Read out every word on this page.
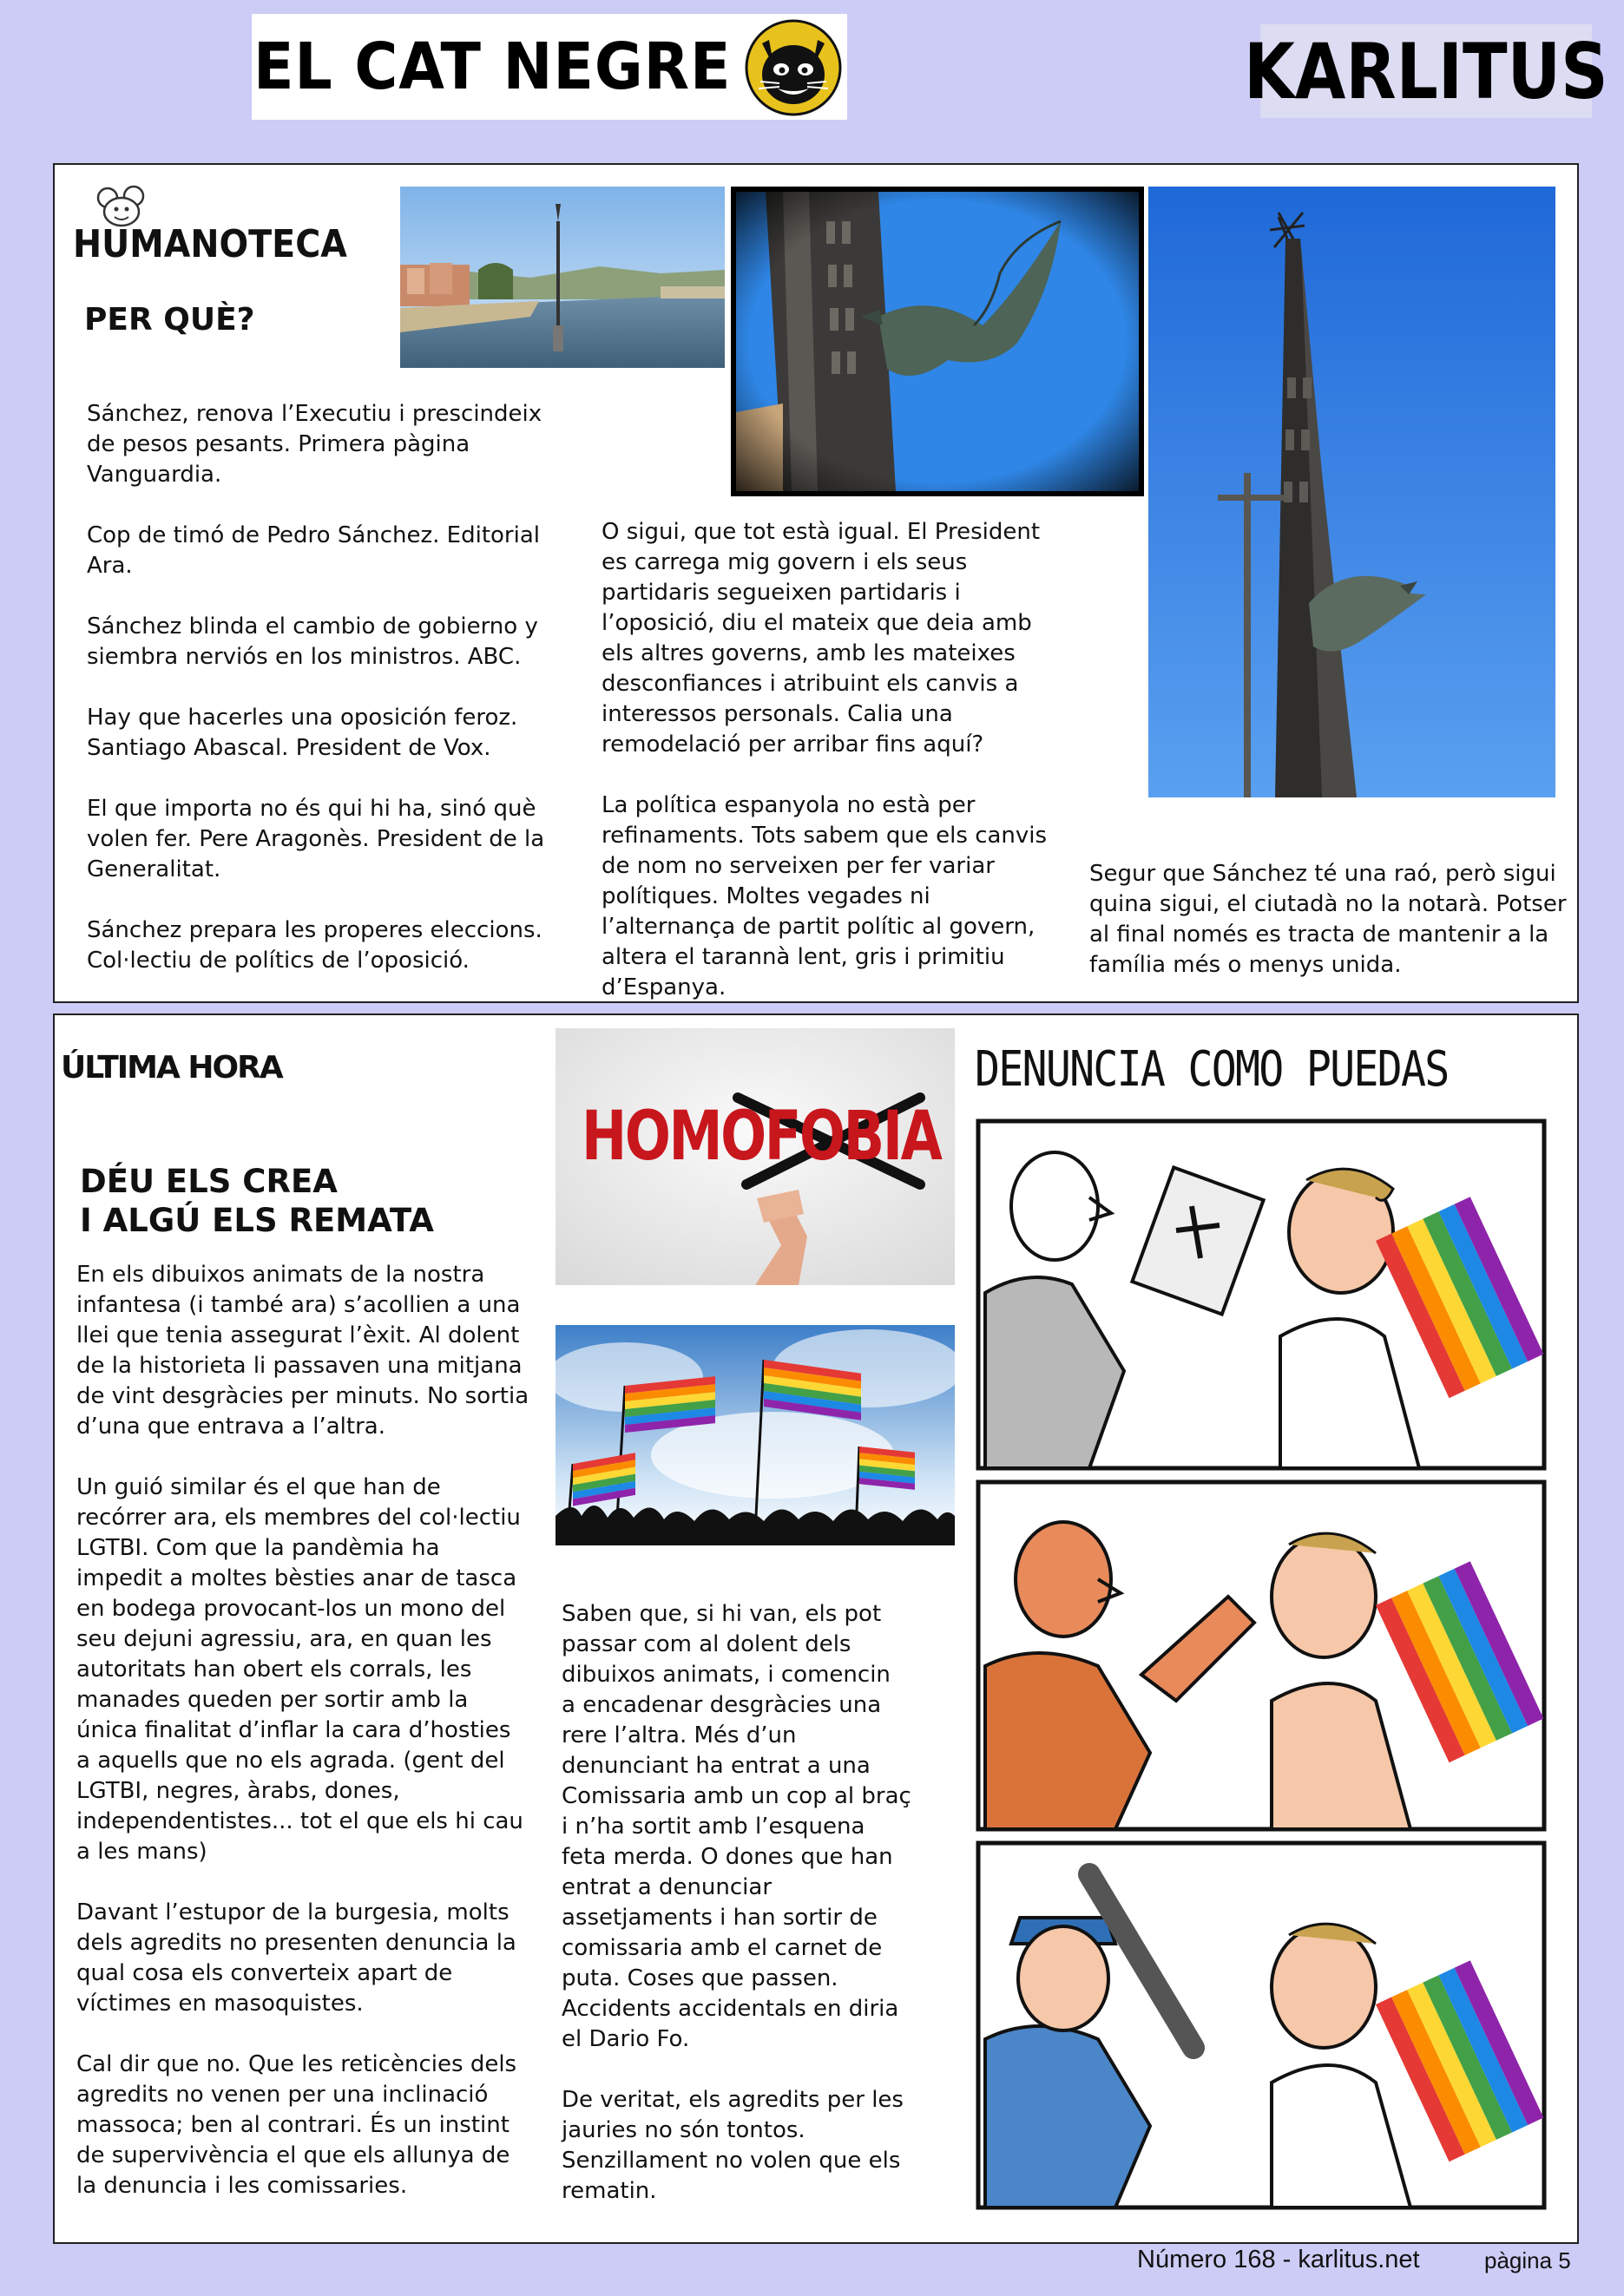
EL CAT NEGRE	KARLITUS
HUMANOTECA
PER QUÈ?
Sánchez, renova l’Executiu i prescindeix
de pesos pesants. Primera pàgina
Vanguardia.

Cop de timó de Pedro Sánchez. Editorial
Ara.

Sánchez blinda el cambio de gobierno y
siembra nerviós en los ministros. ABC.

Hay que hacerles una oposición feroz.
Santiago Abascal. President de Vox.

El que importa no és qui hi ha, sinó què
volen fer. Pere Aragonès. President de la
Generalitat.

Sánchez prepara les properes eleccions.
Col·lectiu de polítics de l’oposició.
O sigui, que tot està igual. El President
es carrega mig govern i els seus
partidaris segueixen partidaris i
l’oposició, diu el mateix que deia amb
els altres governs, amb les mateixes
desconfiances i atribuint els canvis a
interessos personals. Calia una
remodelació per arribar fins aquí?

La política espanyola no està per
refinaments. Tots sabem que els canvis
de nom no serveixen per fer variar
polítiques. Moltes vegades ni
l’alternança de partit polític al govern,
altera el tarannà lent, gris i primitiu
d’Espanya.
Segur que Sánchez té una raó, però sigui
quina sigui, el ciutadà no la notarà. Potser
al final només es tracta de mantenir a la
família més o menys unida.
ÚLTIMA HORA
DÉU ELS CREA
I ALGÚ ELS REMATA
En els dibuixos animats de la nostra
infantesa (i també ara) s’acollien a una
llei que tenia assegurat l’èxit. Al dolent
de la historieta li passaven una mitjana
de vint desgràcies per minuts. No sortia
d’una que entrava a l’altra.

Un guió similar és el que han de
recórrer ara, els membres del col·lectiu
LGTBI. Com que la pandèmia ha
impedit a moltes bèsties anar de tasca
en bodega provocant-los un mono del
seu dejuni agressiu, ara, en quan les
autoritats han obert els corrals, les
manades queden per sortir amb la
única finalitat d’inflar la cara d’hosties
a aquells que no els agrada. (gent del
LGTBI, negres, àrabs, dones,
independentistes... tot el que els hi cau
a les mans)

Davant l’estupor de la burgesia, molts
dels agredits no presenten denuncia la
qual cosa els converteix apart de
víctimes en masoquistes.

Cal dir que no. Que les reticències dels
agredits no venen per una inclinació
massoca; ben al contrari. És un instint
de supervivència el que els allunya de
la denuncia i les comissaries.
Saben que, si hi van, els pot
passar com al dolent dels
dibuixos animats, i comencin
a encadenar desgràcies una
rere l’altra. Més d’un
denunciant ha entrat a una
Comissaria amb un cop al braç
i n’ha sortit amb l’esquena
feta merda. O dones que han
entrat a denunciar
assetjaments i han sortir de
comissaria amb el carnet de
puta. Coses que passen.
Accidents accidentals en diria
el Dario Fo.

De veritat, els agredits per les
jauries no són tontos.
Senzillament no volen que els
rematin.
HOMOFOBIA
DENUNCIA COMO PUEDAS
Número 168 - karlitus.net	pàgina 5
